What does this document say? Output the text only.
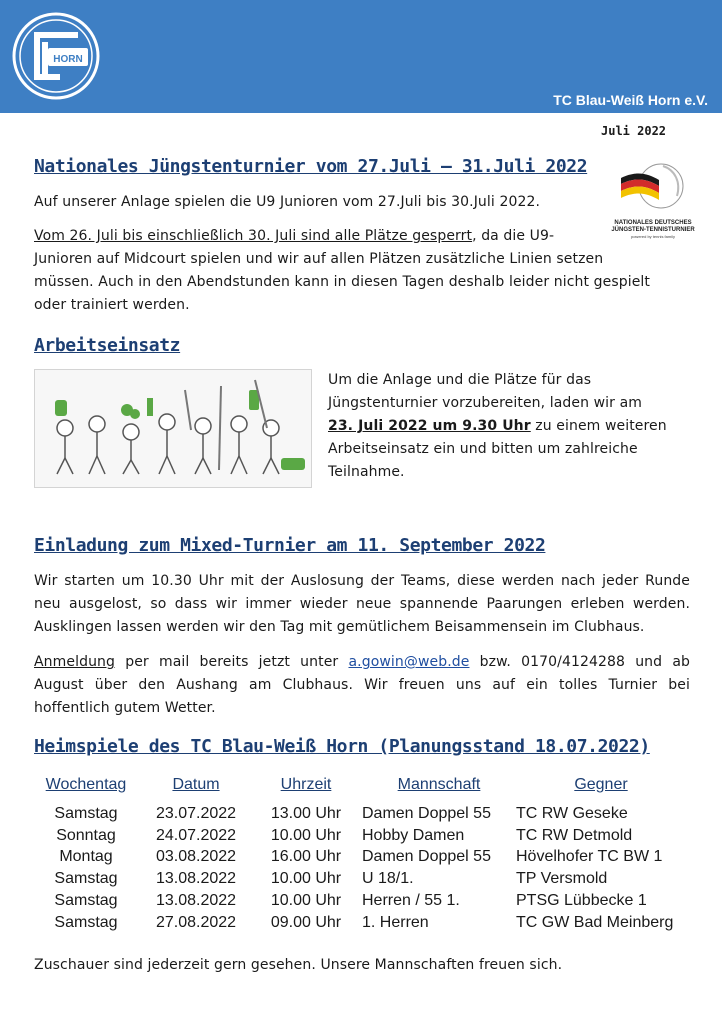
HORN
TC Blau-Weiß Horn e.V.
Juli 2022
Nationales Jüngstenturnier vom 27.Juli – 31.Juli 2022
NATIONALES DEUTSCHES
JÜNGSTEN-TENNISTURNIER
powered by tennis family

Auf unserer Anlage spielen die U9 Junioren vom 27.Juli bis 30.Juli 2022.

Vom 26. Juli bis einschließlich 30. Juli sind alle Plätze gesperrt, da die U9-
Junioren auf Midcourt spielen und wir auf allen Plätzen zusätzliche Linien setzen
müssen. Auch in den Abendstunden kann in diesen Tagen deshalb leider nicht gespielt
oder trainiert werden.
Arbeitseinsatz
Um die Anlage und die Plätze für das
Jüngstenturnier vorzubereiten, laden wir am
23. Juli 2022 um 9.30 Uhr zu einem weiteren
Arbeitseinsatz ein und bitten um zahlreiche
Teilnahme.
Einladung zum Mixed-Turnier am 11. September 2022
Wir starten um 10.30 Uhr mit der Auslosung der Teams, diese werden nach jeder Runde
neu ausgelost, so dass wir immer wieder neue spannende Paarungen erleben werden.
Ausklingen lassen werden wir den Tag mit gemütlichem Beisammensein im Clubhaus.
Anmeldung per mail bereits jetzt unter a.gowin@web.de bzw. 0170/4124288 und ab
August über den Aushang am Clubhaus. Wir freuen uns auf ein tolles Turnier bei
hoffentlich gutem Wetter.
Heimspiele des TC Blau-Weiß Horn (Planungsstand 18.07.2022)
Wochentag	Datum	Uhrzeit	Mannschaft	Gegner
Samstag	23.07.2022	13.00 Uhr	Damen Doppel 55	TC RW Geseke
Sonntag	24.07.2022	10.00 Uhr	Hobby Damen	TC RW Detmold
Montag	03.08.2022	16.00 Uhr	Damen Doppel 55	Hövelhofer TC BW 1
Samstag	13.08.2022	10.00 Uhr	U 18/1.	TP Versmold
Samstag	13.08.2022	10.00 Uhr	Herren / 55 1.	PTSG Lübbecke 1
Samstag	27.08.2022	09.00 Uhr	1. Herren	TC GW Bad Meinberg

Zuschauer sind jederzeit gern gesehen. Unsere Mannschaften freuen sich.
